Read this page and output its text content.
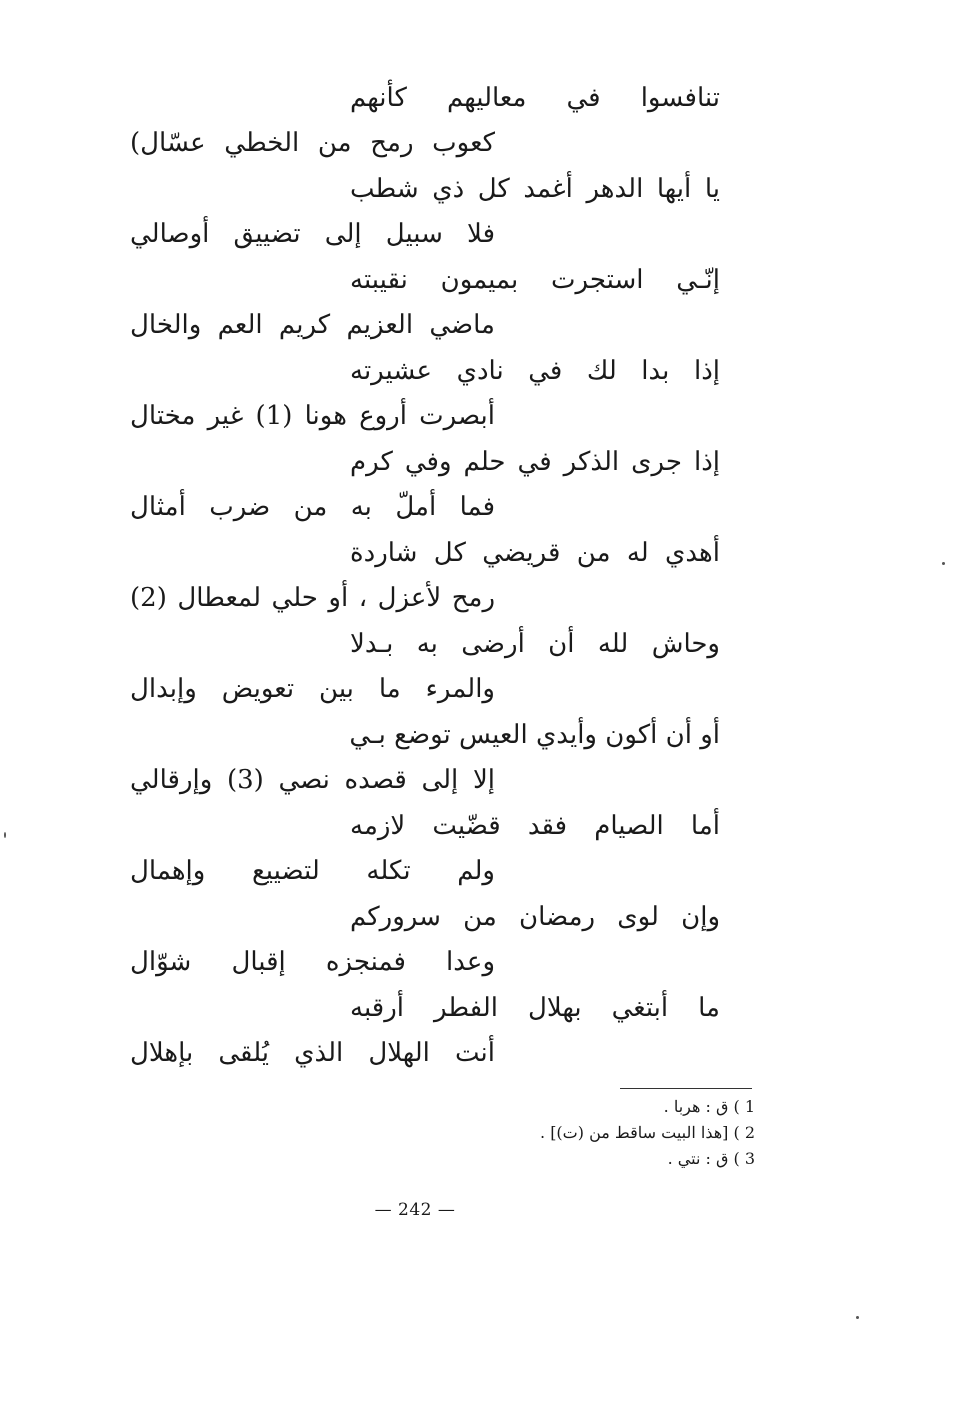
تنافسوا في معاليهم كأنهم
كعوب رمح من الخطي عسّال)
يا أيها الدهر أغمد كل ذي شطب
فلا سبيل إلى تضييق أوصالي
إنّـي استجرت بميمون نقيبته
ماضي العزيم كريم العم والخال
إذا بدا لك في نادي عشيرته
أبصرت أروع هونا (1) غير مختال
إذا جرى الذكر في حلم وفي كرم
فما أملّ به من ضرب أمثال
أهدي له من قريضي كل شاردة
رمح لأعزل ، أو حلي لمعطال (2)
وحاش لله أن أرضى به بـدلا
والمرء ما بين تعويض وإبدال
أو أن أكون وأيدي العيس توضع بـي
إلا إلى قصده نصي (3) وإرقالي
أما الصيام فقد قضّيت لازمه
ولم تكله لتضييع وإهمال
وإن لوى رمضان من سروركم
وعدا فمنجزه إقبال شوّال
ما أبتغي بهلال الفطر أرقبه
أنت الهلال الذي يُلقى بإهلال
1 ) ق : هربا .
2 ) [هذا البيت ساقط من (ت)] .
3 ) ق : نتي .
— 242 —
